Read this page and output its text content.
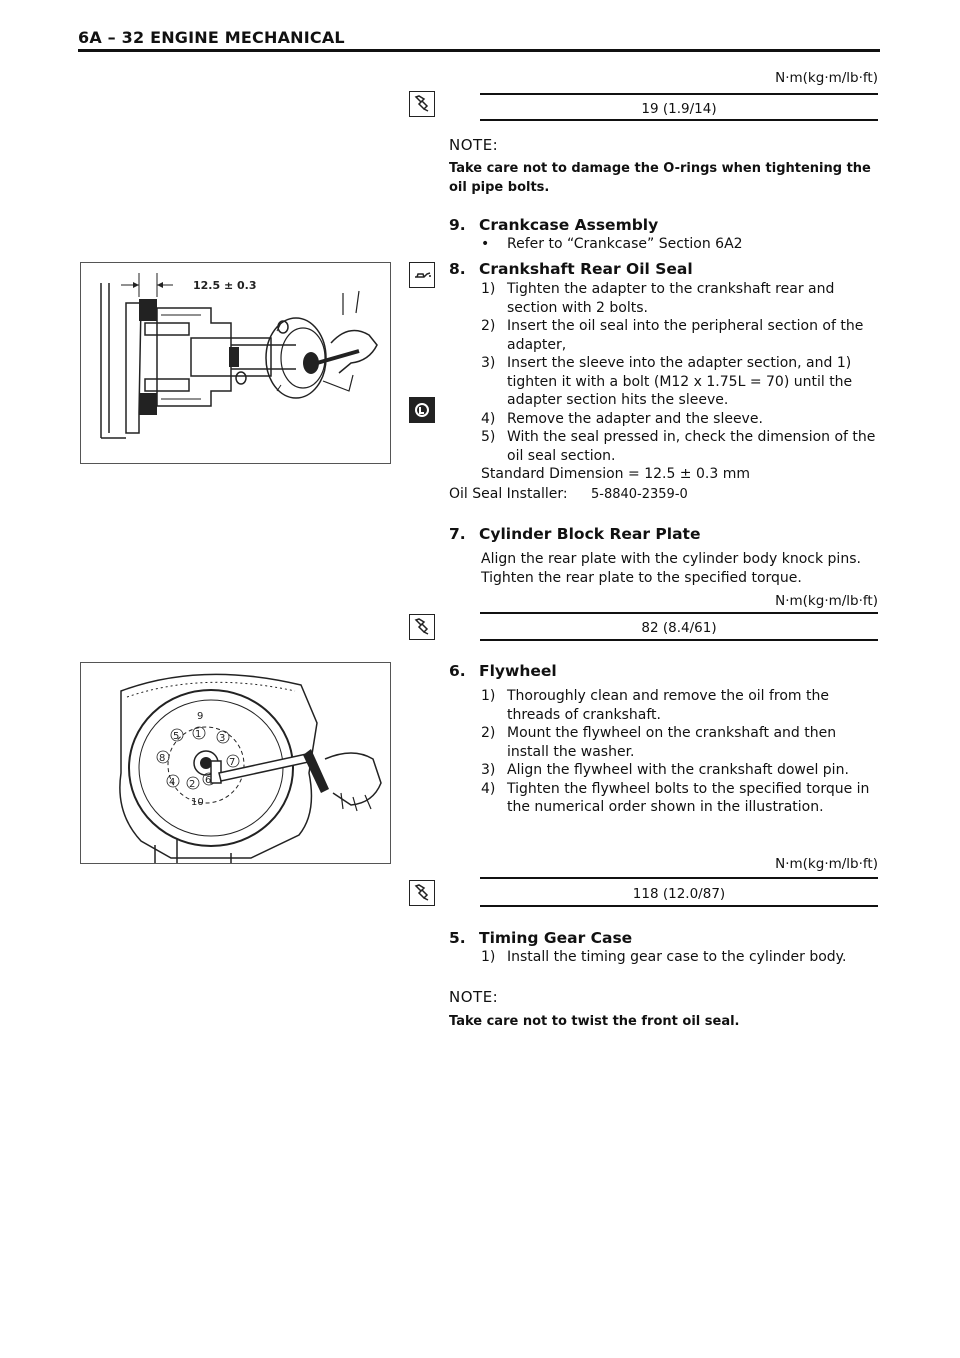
6A – 32 ENGINE MECHANICAL
N·m(kg·m/lb·ft)
19 (1.9/14)
NOTE:
Take care not to damage the O-rings when tightening the oil pipe bolts.
9. Crankcase Assembly
• Refer to “Crankcase” Section 6A2
12.5 ± 0.3
8. Crankshaft Rear Oil Seal
1) Tighten the adapter to the crankshaft rear and section with 2 bolts.
2) Insert the oil seal into the peripheral section of the adapter,
3) Insert the sleeve into the adapter section, and 1) tighten it with a bolt (M12 x 1.75L = 70) until the adapter section hits the sleeve.
4) Remove the adapter and the sleeve.
5) With the seal pressed in, check the dimension of the oil seal section.
Standard Dimension = 12.5 ± 0.3 mm
Oil Seal Installer: 5-8840-2359-0
7. Cylinder Block Rear Plate
Align the rear plate with the cylinder body knock pins.
Tighten the rear plate to the specified torque.
N·m(kg·m/lb·ft)
82 (8.4/61)
9
5 1 3
8	7
4 2 6
10
6. Flywheel
1) Thoroughly clean and remove the oil from the threads of crankshaft.
2) Mount the flywheel on the crankshaft and then install the washer.
3) Align the flywheel with the crankshaft dowel pin.
4) Tighten the flywheel bolts to the specified torque in the numerical order shown in the illustration.
N·m(kg·m/lb·ft)
118 (12.0/87)
5. Timing Gear Case
1) Install the timing gear case to the cylinder body.
NOTE:
Take care not to twist the front oil seal.
